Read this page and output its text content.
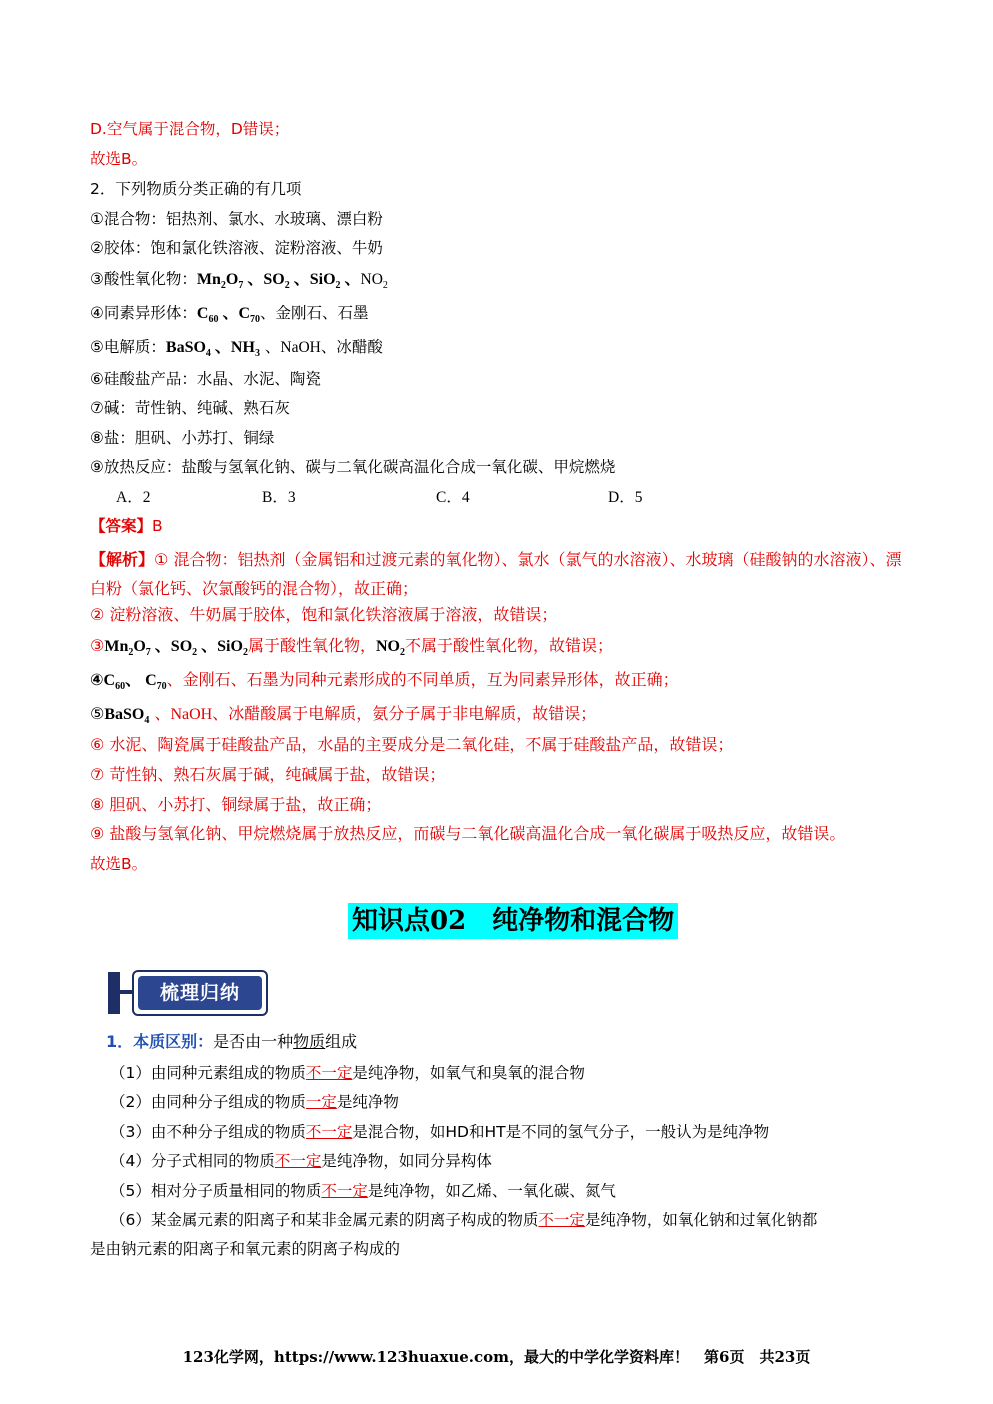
D.空气属于混合物，D错误；
故选B。
2．下列物质分类正确的有几项
①混合物：铝热剂、氯水、水玻璃、漂白粉
②胶体：饱和氯化铁溶液、淀粉溶液、牛奶
③酸性氧化物：$Mn_2O_7$ 、$SO_2$ 、SiO$_2$ 、$NO_2$
④同素异形体：$C_{60}$ 、$C_{70}$、金刚石、石墨
⑤电解质：BaSO$_4$ 、$NH_3$ 、NaOH、冰醋酸
⑥硅酸盐产品：水晶、水泥、陶瓷
⑦碱：苛性钠、纯碱、熟石灰
⑧盐：胆矾、小苏打、铜绿
⑨放热反应：盐酸与氢氧化钠、碳与二氧化碳高温化合成一氧化碳、甲烷燃烧
A．2	B．3	C．4	D．5
【答案】B
【解析】① 混合物：铝热剂（金属铝和过渡元素的氧化物）、氯水（氯气的水溶液）、水玻璃（硅酸钠的水溶液）、漂白粉（氯化钙、次氯酸钙的混合物），故正确；
② 淀粉溶液、牛奶属于胶体，饱和氯化铁溶液属于溶液，故错误；
$③Mn_2O_7$ 、$SO_2$ 、SiO$_2$属于酸性氧化物，$NO_2$不属于酸性氧化物，故错误；
$④C_{60}$、 $C_{70}$、金刚石、石墨为同种元素形成的不同单质，互为同素异形体，故正确；
⑤BaSO$_4$ 、NaOH、冰醋酸属于电解质，氨分子属于非电解质，故错误；
⑥ 水泥、陶瓷属于硅酸盐产品，水晶的主要成分是二氧化硅，不属于硅酸盐产品，故错误；
⑦ 苛性钠、熟石灰属于碱，纯碱属于盐，故错误；
⑧ 胆矾、小苏打、铜绿属于盐，故正确；
⑨ 盐酸与氢氧化钠、甲烷燃烧属于放热反应，而碳与二氧化碳高温化合成一氧化碳属于吸热反应，故错误。
故选B。
知识点02　纯净物和混合物
梳理归纳
1．本质区别：是否由一种物质组成
（1）由同种元素组成的物质不一定是纯净物，如氧气和臭氧的混合物
（2）由同种分子组成的物质一定是纯净物
（3）由不种分子组成的物质不一定是混合物，如HD和HT是不同的氢气分子，一般认为是纯净物
（4）分子式相同的物质不一定是纯净物，如同分异构体
（5）相对分子质量相同的物质不一定是纯净物，如乙烯、一氧化碳、氮气
（6）某金属元素的阳离子和某非金属元素的阴离子构成的物质不一定是纯净物，如氧化钠和过氧化钠都
是由钠元素的阳离子和氧元素的阴离子构成的
123化学网，https://www.123huaxue.com，最大的中学化学资料库！　第6页　共23页
